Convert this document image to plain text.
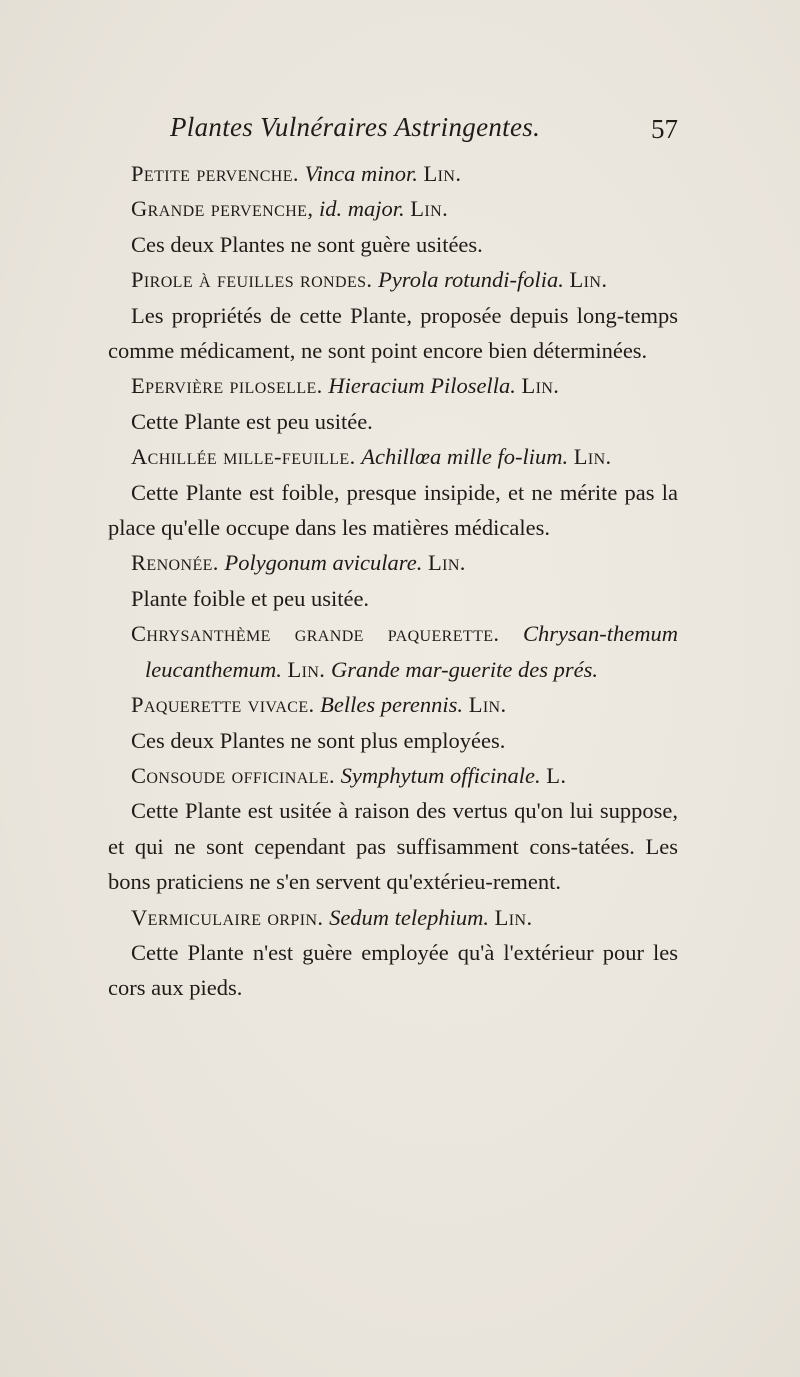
Plantes Vulnéraires Astringentes.	57

Petite pervenche. Vinca minor. Lin.

Grande pervenche, id. major. Lin.

Ces deux Plantes ne sont guère usitées.

Pirole à feuilles rondes. Pyrola rotundi-folia. Lin.

Les propriétés de cette Plante, proposée depuis long-temps comme médicament, ne sont point encore bien déterminées.

Epervière piloselle. Hieracium Pilosella. Lin.

Cette Plante est peu usitée.

Achillée mille-feuille. Achillœa mille fo-lium. Lin.

Cette Plante est foible, presque insipide, et ne mérite pas la place qu'elle occupe dans les matières médicales.

Renonée. Polygonum aviculare. Lin.

Plante foible et peu usitée.

Chrysanthème grande paquerette. Chrysan-themum leucanthemum. Lin. Grande mar-guerite des prés.

Paquerette vivace. Belles perennis. Lin.

Ces deux Plantes ne sont plus employées.

Consoude officinale. Symphytum officinale. L.

Cette Plante est usitée à raison des vertus qu'on lui suppose, et qui ne sont cependant pas suffisamment cons-tatées. Les bons praticiens ne s'en servent qu'extérieu-rement.

Vermiculaire orpin. Sedum telephium. Lin.

Cette Plante n'est guère employée qu'à l'extérieur pour les cors aux pieds.
